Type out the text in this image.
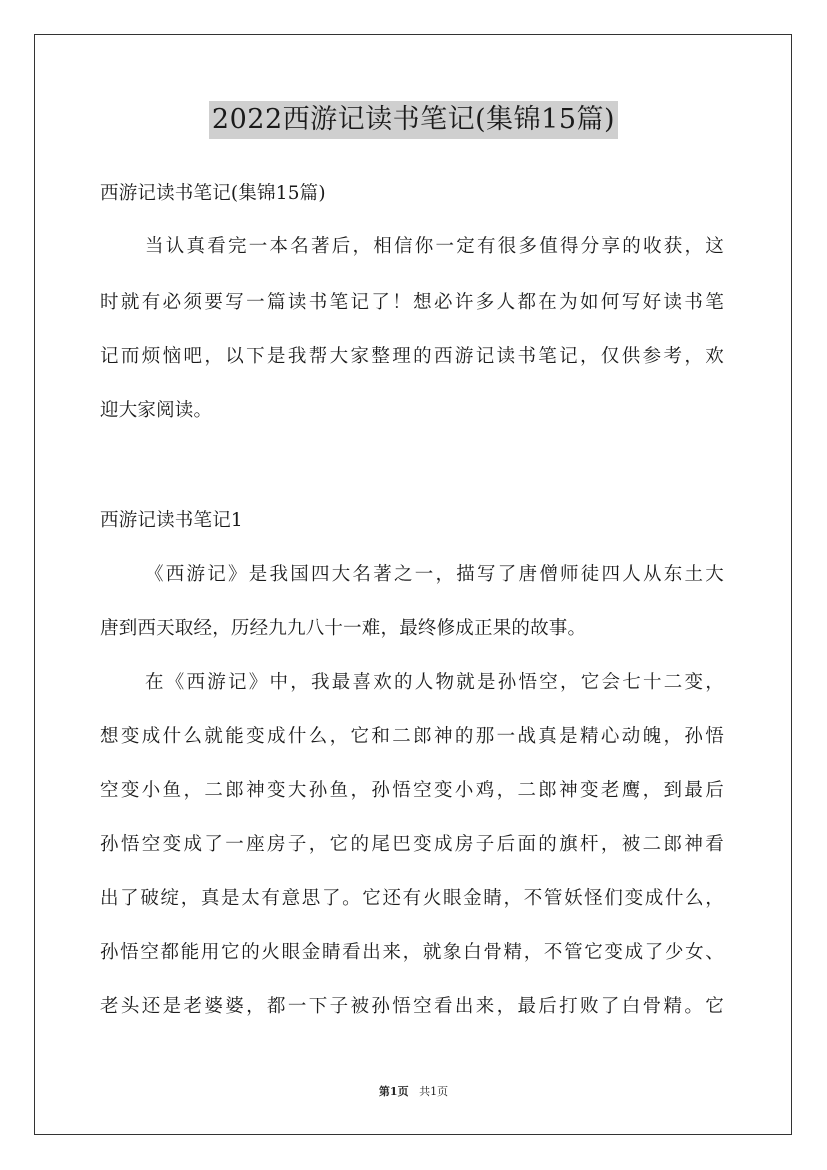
2022西游记读书笔记(集锦15篇)
西游记读书笔记(集锦15篇)
当认真看完一本名著后，相信你一定有很多值得分享的收获，这
时就有必须要写一篇读书笔记了！想必许多人都在为如何写好读书笔
记而烦恼吧，以下是我帮大家整理的西游记读书笔记，仅供参考，欢
迎大家阅读。
西游记读书笔记1
《西游记》是我国四大名著之一，描写了唐僧师徒四人从东土大
唐到西天取经，历经九九八十一难，最终修成正果的故事。
在《西游记》中，我最喜欢的人物就是孙悟空，它会七十二变，
想变成什么就能变成什么，它和二郎神的那一战真是精心动魄，孙悟
空变小鱼，二郎神变大孙鱼，孙悟空变小鸡，二郎神变老鹰，到最后
孙悟空变成了一座房子，它的尾巴变成房子后面的旗杆，被二郎神看
出了破绽，真是太有意思了。它还有火眼金睛，不管妖怪们变成什么，
孙悟空都能用它的火眼金睛看出来，就象白骨精，不管它变成了少女、
老头还是老婆婆，都一下子被孙悟空看出来，最后打败了白骨精。它
第1页 共1页
